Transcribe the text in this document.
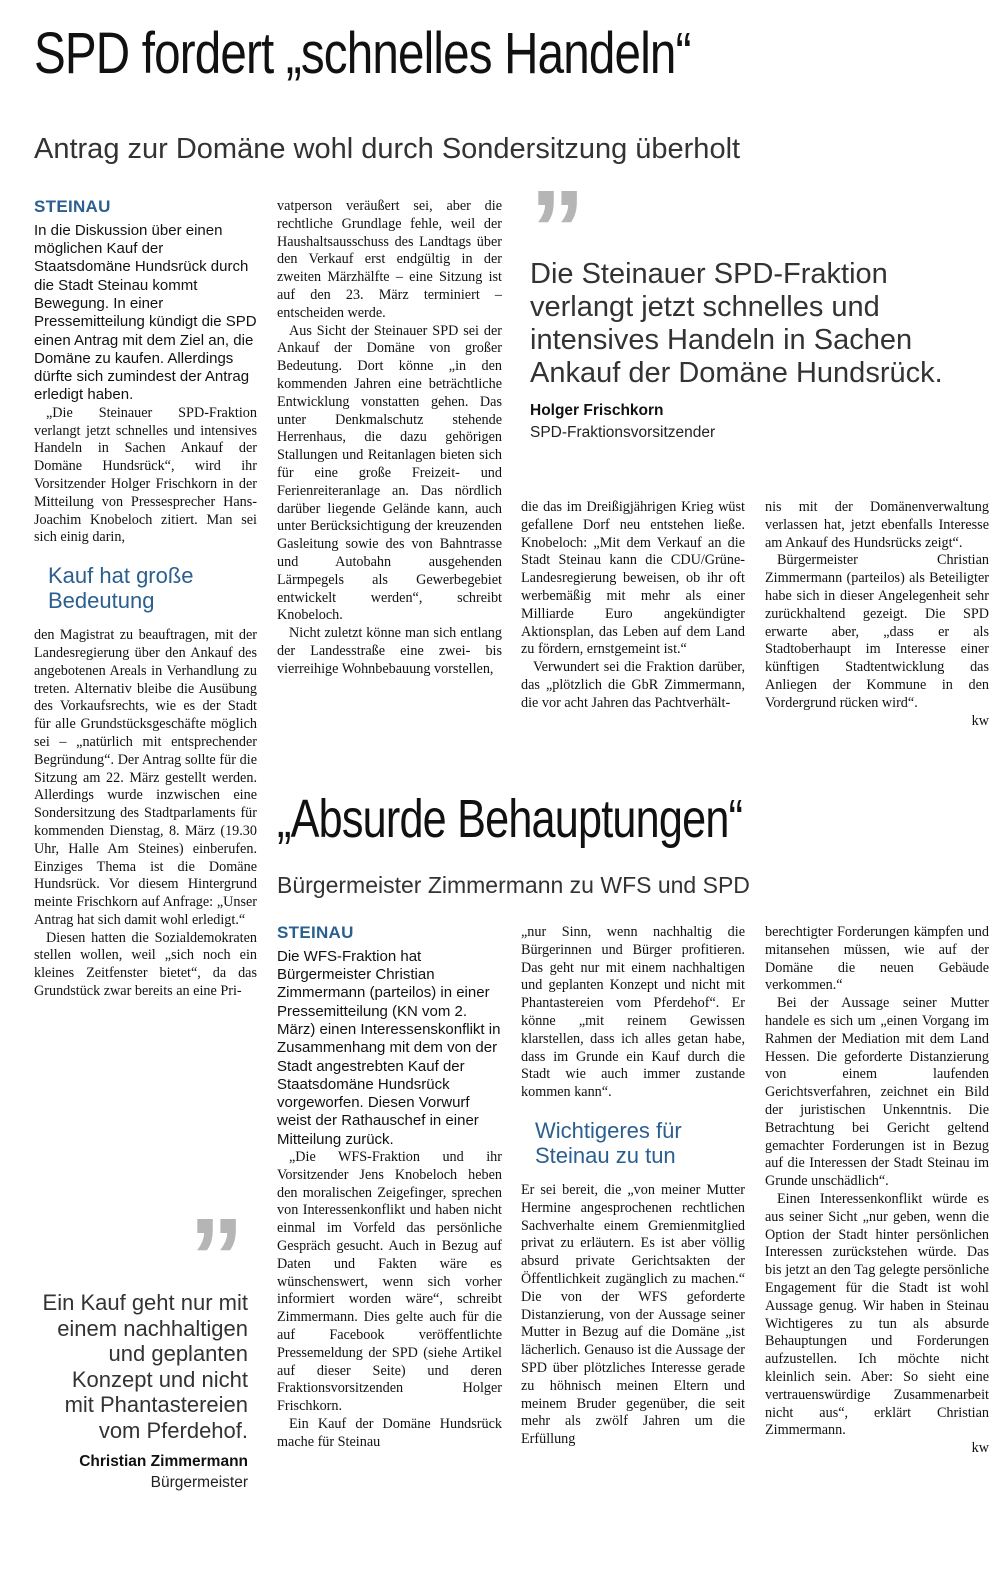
SPD fordert „schnelles Handeln“
Antrag zur Domäne wohl durch Sondersitzung überholt
STEINAU

In die Diskussion über einen möglichen Kauf der Staatsdomäne Hundsrück durch die Stadt Steinau kommt Bewegung. In einer Pressemitteilung kündigt die SPD einen Antrag mit dem Ziel an, die Domäne zu kaufen. Allerdings dürfte sich zumindest der Antrag erledigt haben.

„Die Steinauer SPD-Fraktion verlangt jetzt schnelles und intensives Handeln in Sachen Ankauf der Domäne Hundsrück“, wird ihr Vorsitzender Holger Frischkorn in der Mitteilung von Pressesprecher Hans-Joachim Knobeloch zitiert. Man sei sich einig darin,

Kauf hat große Bedeutung

den Magistrat zu beauftragen, mit der Landesregierung über den Ankauf des angebotenen Areals in Verhandlung zu treten. Alternativ bleibe die Ausübung des Vorkaufsrechts, wie es der Stadt für alle Grundstücksgeschäfte möglich sei – „natürlich mit entsprechender Begründung“. Der Antrag sollte für die Sitzung am 22. März gestellt werden. Allerdings wurde inzwischen eine Sondersitzung des Stadtparlaments für kommenden Dienstag, 8. März (19.30 Uhr, Halle Am Steines) einberufen. Einziges Thema ist die Domäne Hundsrück. Vor diesem Hintergrund meinte Frischkorn auf Anfrage: „Unser Antrag hat sich damit wohl erledigt.“

Diesen hatten die Sozialdemokraten stellen wollen, weil „sich noch ein kleines Zeitfenster bietet“, da das Grundstück zwar bereits an eine Pri-

vatperson veräußert sei, aber die rechtliche Grundlage fehle, weil der Haushaltsausschuss des Landtags über den Verkauf erst endgültig in der zweiten Märzhälfte – eine Sitzung ist auf den 23. März terminiert – entscheiden werde.

Aus Sicht der Steinauer SPD sei der Ankauf der Domäne von großer Bedeutung. Dort könne „in den kommenden Jahren eine beträchtliche Entwicklung vonstatten gehen. Das unter Denkmalschutz stehende Herrenhaus, die dazu gehörigen Stallungen und Reitanlagen bieten sich für eine große Freizeit- und Ferienreiteranlage an. Das nördlich darüber liegende Gelände kann, auch unter Berücksichtigung der kreuzenden Gasleitung sowie des von Bahntrasse und Autobahn ausgehenden Lärmpegels als Gewerbegebiet entwickelt werden“, schreibt Knobeloch.

Nicht zuletzt könne man sich entlang der Landesstraße eine zwei- bis vierreihige Wohnbebauung vorstellen,

”
Die Steinauer SPD-Fraktion verlangt jetzt schnelles und intensives Handeln in Sachen Ankauf der Domäne Hundsrück.
Holger Frischkorn
SPD-Fraktionsvorsitzender

die das im Dreißigjährigen Krieg wüst gefallene Dorf neu entstehen ließe. Knobeloch: „Mit dem Verkauf an die Stadt Steinau kann die CDU/Grüne-Landesregierung beweisen, ob ihr oft werbemäßig mit mehr als einer Milliarde Euro angekündigter Aktionsplan, das Leben auf dem Land zu fördern, ernstgemeint ist.“

Verwundert sei die Fraktion darüber, das „plötzlich die GbR Zimmermann, die vor acht Jahren das Pachtverhält-

nis mit der Domänenverwaltung verlassen hat, jetzt ebenfalls Interesse am Ankauf des Hundsrücks zeigt“.

Bürgermeister Christian Zimmermann (parteilos) als Beteiligter habe sich in dieser Angelegenheit sehr zurückhaltend gezeigt. Die SPD erwarte aber, „dass er als Stadtoberhaupt im Interesse einer künftigen Stadtentwicklung das Anliegen der Kommune in den Vordergrund rücken wird“.

kw
„Absurde Behauptungen“
Bürgermeister Zimmermann zu WFS und SPD
”
Ein Kauf geht nur mit einem nachhaltigen und geplanten Konzept und nicht mit Phantastereien vom Pferdehof.
Christian Zimmermann
Bürgermeister
STEINAU

Die WFS-Fraktion hat Bürgermeister Christian Zimmermann (parteilos) in einer Pressemitteilung (KN vom 2. März) einen Interessenskonflikt in Zusammenhang mit dem von der Stadt angestrebten Kauf der Staatsdomäne Hundsrück vorgeworfen. Diesen Vorwurf weist der Rathauschef in einer Mitteilung zurück.

„Die WFS-Fraktion und ihr Vorsitzender Jens Knobeloch heben den moralischen Zeigefinger, sprechen von Interessenkonflikt und haben nicht einmal im Vorfeld das persönliche Gespräch gesucht. Auch in Bezug auf Daten und Fakten wäre es wünschenswert, wenn sich vorher informiert worden wäre“, schreibt Zimmermann. Dies gelte auch für die auf Facebook veröffentlichte Pressemeldung der SPD (siehe Artikel auf dieser Seite) und deren Fraktionsvorsitzenden Holger Frischkorn.

Ein Kauf der Domäne Hundsrück mache für Steinau

„nur Sinn, wenn nachhaltig die Bürgerinnen und Bürger profitieren. Das geht nur mit einem nachhaltigen und geplanten Konzept und nicht mit Phantastereien vom Pferdehof“. Er könne „mit reinem Gewissen klarstellen, dass ich alles getan habe, dass im Grunde ein Kauf durch die Stadt wie auch immer zustande kommen kann“.

Wichtigeres für Steinau zu tun

Er sei bereit, die „von meiner Mutter Hermine angesprochenen rechtlichen Sachverhalte einem Gremienmitglied privat zu erläutern. Es ist aber völlig absurd private Gerichtsakten der Öffentlichkeit zugänglich zu machen.“ Die von der WFS geforderte Distanzierung, von der Aussage seiner Mutter in Bezug auf die Domäne „ist lächerlich. Genauso ist die Aussage der SPD über plötzliches Interesse gerade zu höhnisch meinen Eltern und meinem Bruder gegenüber, die seit mehr als zwölf Jahren um die Erfüllung

berechtigter Forderungen kämpfen und mitansehen müssen, wie auf der Domäne die neuen Gebäude verkommen.“

Bei der Aussage seiner Mutter handele es sich um „einen Vorgang im Rahmen der Mediation mit dem Land Hessen. Die geforderte Distanzierung von einem laufenden Gerichtsverfahren, zeichnet ein Bild der juristischen Unkenntnis. Die Betrachtung bei Gericht geltend gemachter Forderungen ist in Bezug auf die Interessen der Stadt Steinau im Grunde unschädlich“.

Einen Interessenkonflikt würde es aus seiner Sicht „nur geben, wenn die Option der Stadt hinter persönlichen Interessen zurückstehen würde. Das bis jetzt an den Tag gelegte persönliche Engagement für die Stadt ist wohl Aussage genug. Wir haben in Steinau Wichtigeres zu tun als absurde Behauptungen und Forderungen aufzustellen. Ich möchte nicht kleinlich sein. Aber: So sieht eine vertrauenswürdige Zusammenarbeit nicht aus“, erklärt Christian Zimmermann.

kw
